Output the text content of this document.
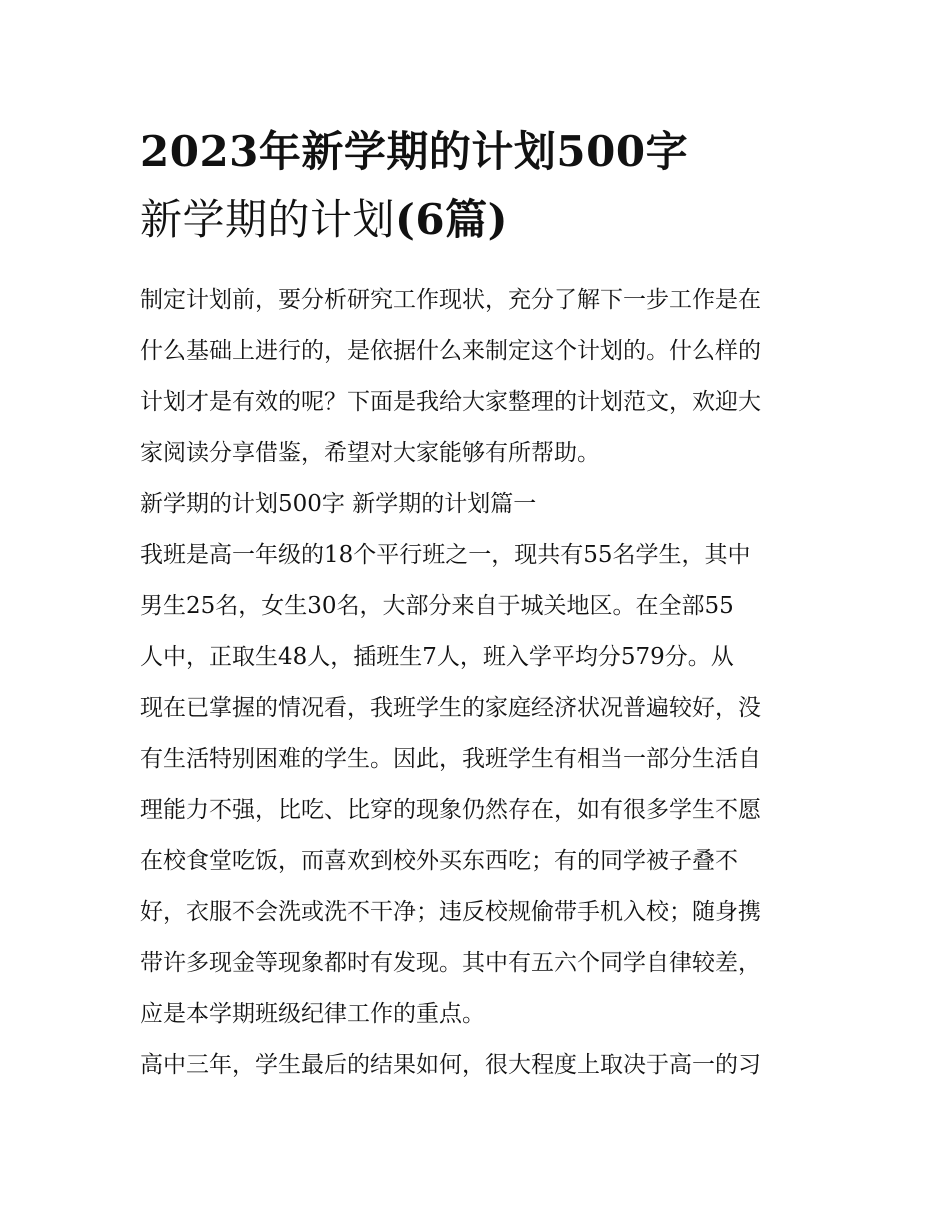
2023年新学期的计划500字
新学期的计划(6篇)
制定计划前，要分析研究工作现状，充分了解下一步工作是在
什么基础上进行的，是依据什么来制定这个计划的。什么样的
计划才是有效的呢？下面是我给大家整理的计划范文，欢迎大
家阅读分享借鉴，希望对大家能够有所帮助。
新学期的计划500字 新学期的计划篇一
我班是高一年级的18个平行班之一，现共有55名学生，其中
男生25名，女生30名，大部分来自于城关地区。在全部55
人中，正取生48人，插班生7人，班入学平均分579分。从
现在已掌握的情况看，我班学生的家庭经济状况普遍较好，没
有生活特别困难的学生。因此，我班学生有相当一部分生活自
理能力不强，比吃、比穿的现象仍然存在，如有很多学生不愿
在校食堂吃饭，而喜欢到校外买东西吃；有的同学被子叠不
好，衣服不会洗或洗不干净；违反校规偷带手机入校；随身携
带许多现金等现象都时有发现。其中有五六个同学自律较差，
应是本学期班级纪律工作的重点。
高中三年，学生最后的结果如何，很大程度上取决于高一的习
